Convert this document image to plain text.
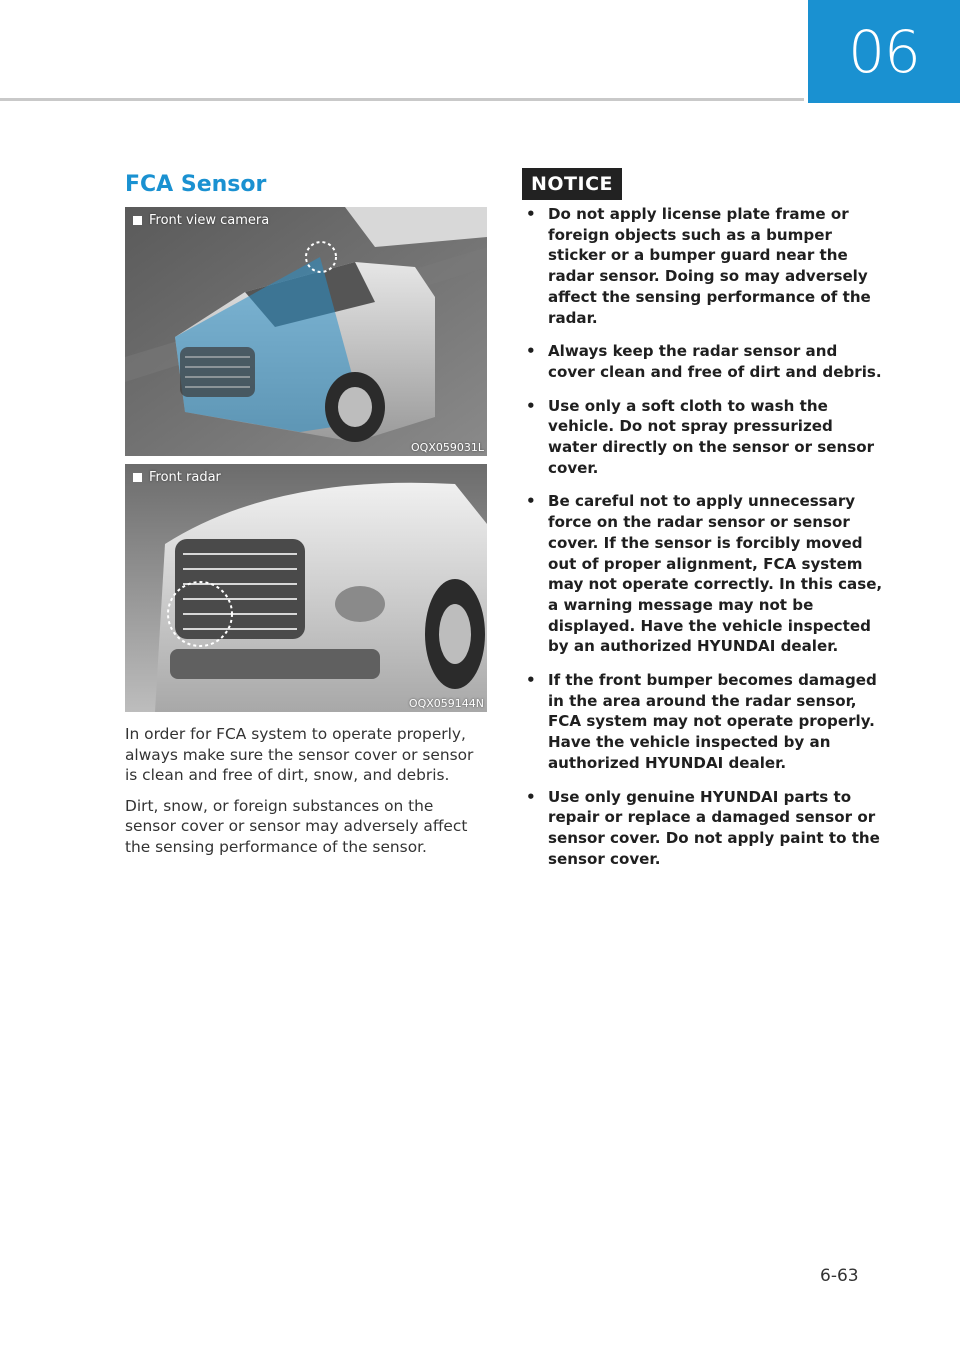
06
FCA Sensor
Front view camera
OQX059031L
Front radar
OQX059144N

In order for FCA system to operate properly, always make sure the sensor cover or sensor is clean and free of dirt, snow, and debris.

Dirt, snow, or foreign substances on the sensor cover or sensor may adversely affect the sensing performance of the sensor.

NOTICE
• Do not apply license plate frame or foreign objects such as a bumper sticker or a bumper guard near the radar sensor. Doing so may adversely affect the sensing performance of the radar.
• Always keep the radar sensor and cover clean and free of dirt and debris.
• Use only a soft cloth to wash the vehicle. Do not spray pressurized water directly on the sensor or sensor cover.
• Be careful not to apply unnecessary force on the radar sensor or sensor cover. If the sensor is forcibly moved out of proper alignment, FCA system may not operate correctly. In this case, a warning message may not be displayed. Have the vehicle inspected by an authorized HYUNDAI dealer.
• If the front bumper becomes damaged in the area around the radar sensor, FCA system may not operate properly. Have the vehicle inspected by an authorized HYUNDAI dealer.
• Use only genuine HYUNDAI parts to repair or replace a damaged sensor or sensor cover. Do not apply paint to the sensor cover.
6-63
